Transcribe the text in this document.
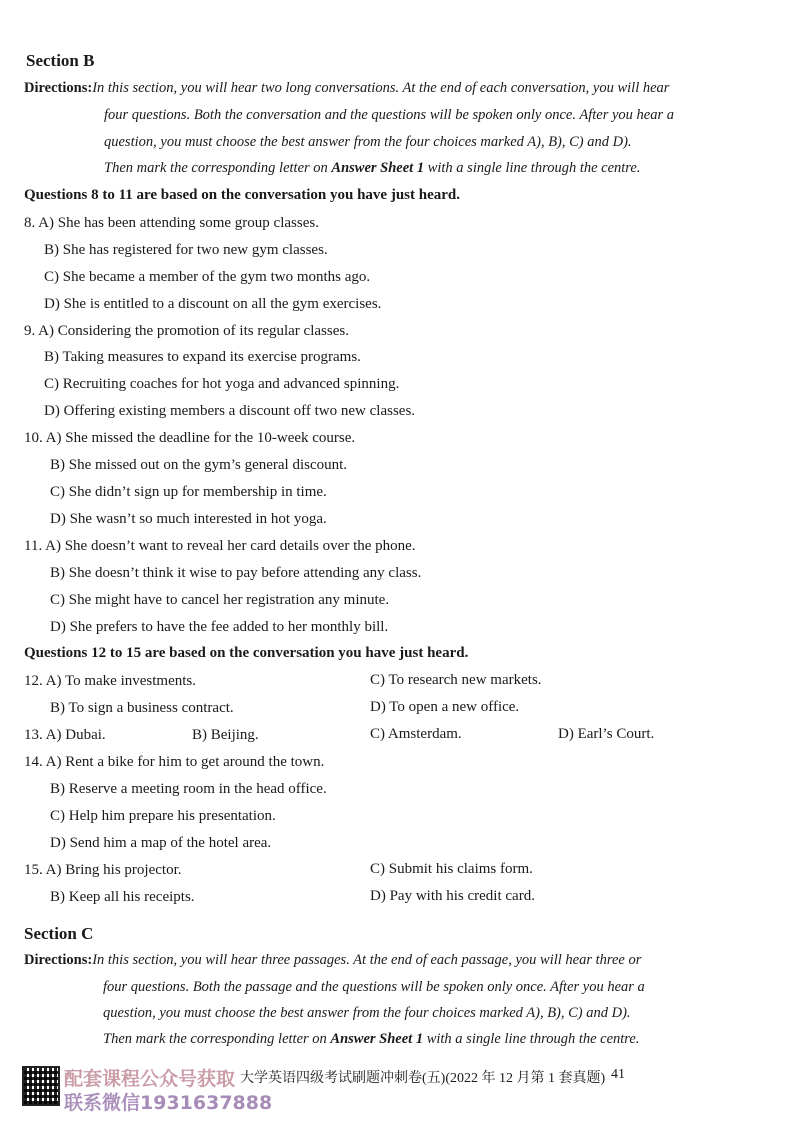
Section B
Directions:In this section, you will hear two long conversations. At the end of each conversation, you will hear
four questions. Both the conversation and the questions will be spoken only once. After you hear a
question, you must choose the best answer from the four choices marked A), B), C) and D).
Then mark the corresponding letter on Answer Sheet 1 with a single line through the centre.
Questions 8 to 11 are based on the conversation you have just heard.
8. A) She has been attending some group classes.
B) She has registered for two new gym classes.
C) She became a member of the gym two months ago.
D) She is entitled to a discount on all the gym exercises.
9. A) Considering the promotion of its regular classes.
B) Taking measures to expand its exercise programs.
C) Recruiting coaches for hot yoga and advanced spinning.
D) Offering existing members a discount off two new classes.
10. A) She missed the deadline for the 10-week course.
B) She missed out on the gym’s general discount.
C) She didn’t sign up for membership in time.
D) She wasn’t so much interested in hot yoga.
11. A) She doesn’t want to reveal her card details over the phone.
B) She doesn’t think it wise to pay before attending any class.
C) She might have to cancel her registration any minute.
D) She prefers to have the fee added to her monthly bill.
Questions 12 to 15 are based on the conversation you have just heard.
12. A) To make investments.	C) To research new markets.
B) To sign a business contract.	D) To open a new office.
13. A) Dubai.	B) Beijing.	C) Amsterdam.	D) Earl’s Court.
14. A) Rent a bike for him to get around the town.
B) Reserve a meeting room in the head office.
C) Help him prepare his presentation.
D) Send him a map of the hotel area.
15. A) Bring his projector.	C) Submit his claims form.
B) Keep all his receipts.	D) Pay with his credit card.
Section C
Directions:In this section, you will hear three passages. At the end of each passage, you will hear three or
four questions. Both the passage and the questions will be spoken only once. After you hear a
question, you must choose the best answer from the four choices marked A), B), C) and D).
Then mark the corresponding letter on Answer Sheet 1 with a single line through the centre.
配套课程公众号获取
联系微信1931637888
大学英语四级考试刷题冲刺卷(五)(2022 年 12 月第 1 套真题) 41
